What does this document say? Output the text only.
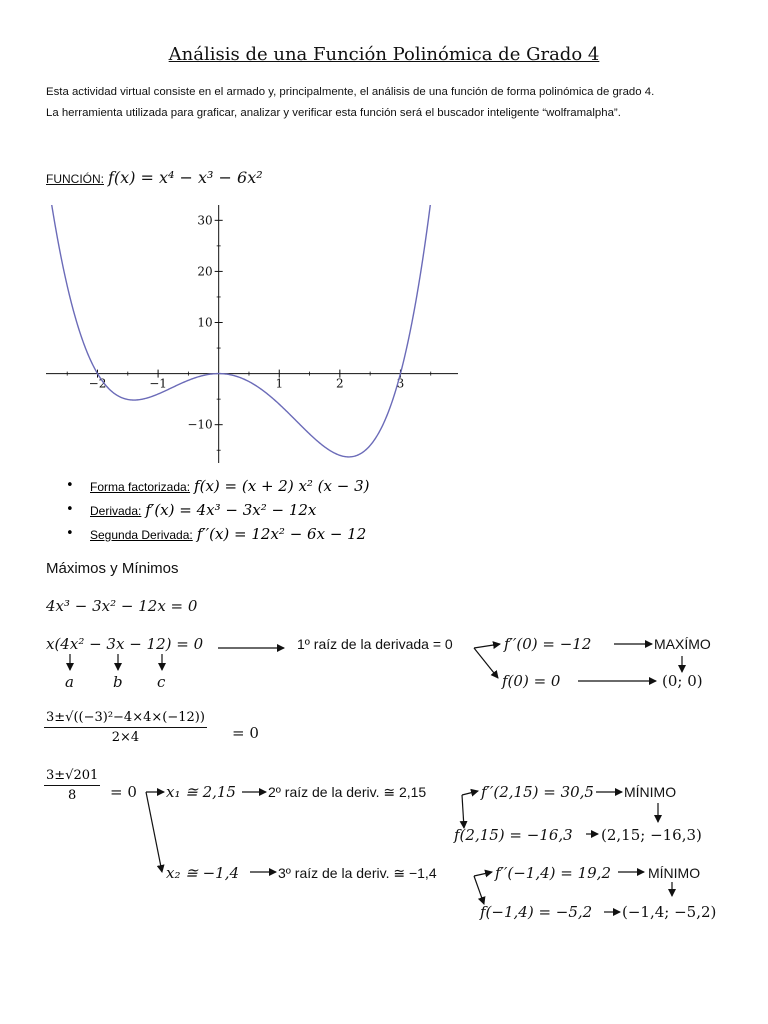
Análisis de una Función Polinómica de Grado 4
Esta actividad virtual consiste en el armado y, principalmente, el análisis de una función de forma polinómica de grado 4.
La herramienta utilizada para graficar, analizar y verificar esta función será el buscador inteligente “wolframalpha”.
FUNCIÓN: f(x) = x⁴ − x³ − 6x²
−2	−1	1	2	3
−10
10
20
30
• Forma factorizada: f(x) = (x + 2) x² (x − 3)
• Derivada: f′(x) = 4x³ − 3x² − 12x
• Segunda Derivada: f′′(x) = 12x² − 6x − 12
Máximos y Mínimos
4x³ − 3x² − 12x = 0
x(4x² − 3x − 12) = 0
a	b c
1º raíz de la derivada = 0	f′′(0) = −12	MAXÍMO
f(0) = 0	(0; 0)
$\frac{\text{3±√((−3)²−4×4×(−12))}}{2\times 4} = 0$
$\frac{3\pm√201}{8} = 0$ x₁ ≅ 2,15 2º raíz de la deriv. ≅ 2,15	f′′(2,15) = 30,5 MÍNIMO
f(2,15) = −16,3 (2,15; −16,3)
x₂ ≅ −1,4	3º raíz de la deriv. ≅ −1,4	f′′(−1,4) = 19,2	MÍNIMO
f(−1,4) = −5,2 (−1,4; −5,2)
